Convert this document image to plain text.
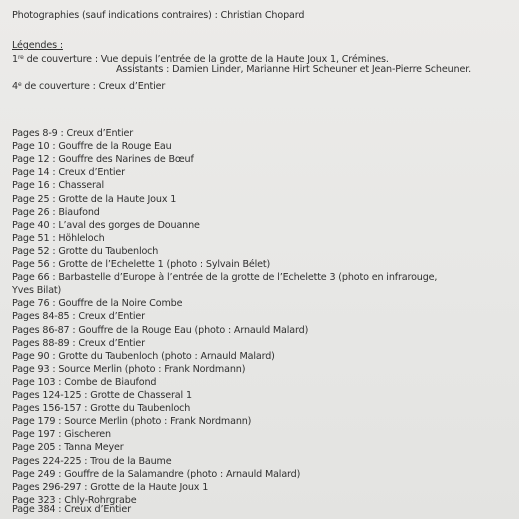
Photographies (sauf indications contraires) : Christian Chopard
Légendes :
1re de couverture : Vue depuis l’entrée de la grotte de la Haute Joux 1, Crémines.
Assistants : Damien Linder, Marianne Hirt Scheuner et Jean-Pierre Scheuner.
4e de couverture : Creux d’Entier
Pages 8-9 : Creux d’Entier
Page 10 : Gouffre de la Rouge Eau
Page 12 : Gouffre des Narines de Bœuf
Page 14 : Creux d’Entier
Page 16 : Chasseral
Page 25 : Grotte de la Haute Joux 1
Page 26 : Biaufond
Page 40 : L’aval des gorges de Douanne
Page 51 : Höhleloch
Page 52 : Grotte du Taubenloch
Page 56 : Grotte de l’Echelette 1 (photo : Sylvain Bélet)
Page 66 : Barbastelle d’Europe à l’entrée de la grotte de l’Echelette 3 (photo en infrarouge,
Yves Bilat)
Page 76 : Gouffre de la Noire Combe
Pages 84-85 : Creux d’Entier
Pages 86-87 : Gouffre de la Rouge Eau (photo : Arnauld Malard)
Pages 88-89 : Creux d’Entier
Page 90 : Grotte du Taubenloch (photo : Arnauld Malard)
Page 93 : Source Merlin (photo : Frank Nordmann)
Page 103 : Combe de Biaufond
Pages 124-125 : Grotte de Chasseral 1
Pages 156-157 : Grotte du Taubenloch
Page 179 : Source Merlin (photo : Frank Nordmann)
Page 197 : Gischeren
Page 205 : Tanna Meyer
Pages 224-225 : Trou de la Baume
Page 249 : Gouffre de la Salamandre (photo : Arnauld Malard)
Pages 296-297 : Grotte de la Haute Joux 1
Page 323 : Chly-Rohrgrabe
Page 384 : Creux d’Entier
